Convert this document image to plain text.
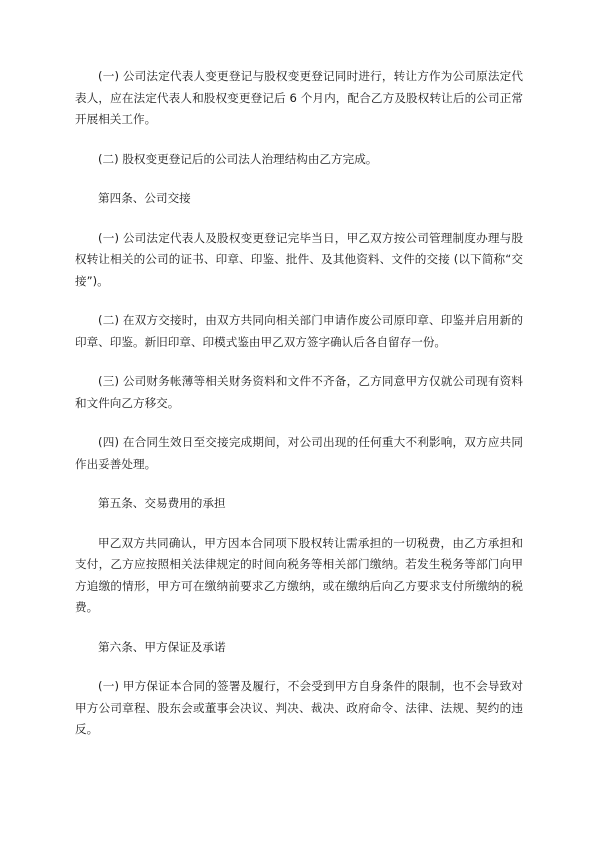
(一) 公司法定代表人变更登记与股权变更登记同时进行，转让方作为公司原法定代表人，应在法定代表人和股权变更登记后 6 个月内，配合乙方及股权转让后的公司正常开展相关工作。

(二) 股权变更登记后的公司法人治理结构由乙方完成。

第四条、公司交接

(一) 公司法定代表人及股权变更登记完毕当日，甲乙双方按公司管理制度办理与股权转让相关的公司的证书、印章、印鉴、批件、及其他资料、文件的交接 (以下简称“交接”)。

(二) 在双方交接时，由双方共同向相关部门申请作废公司原印章、印鉴并启用新的印章、印鉴。新旧印章、印模式鉴由甲乙双方签字确认后各自留存一份。

(三) 公司财务帐薄等相关财务资料和文件不齐备，乙方同意甲方仅就公司现有资料和文件向乙方移交。

(四) 在合同生效日至交接完成期间，对公司出现的任何重大不利影响，双方应共同作出妥善处理。

第五条、交易费用的承担

甲乙双方共同确认，甲方因本合同项下股权转让需承担的一切税费，由乙方承担和支付，乙方应按照相关法律规定的时间向税务等相关部门缴纳。若发生税务等部门向甲方追缴的情形，甲方可在缴纳前要求乙方缴纳，或在缴纳后向乙方要求支付所缴纳的税费。

第六条、甲方保证及承诺

(一) 甲方保证本合同的签署及履行，不会受到甲方自身条件的限制，也不会导致对甲方公司章程、股东会或董事会决议、判决、裁决、政府命令、法律、法规、契约的违反。
